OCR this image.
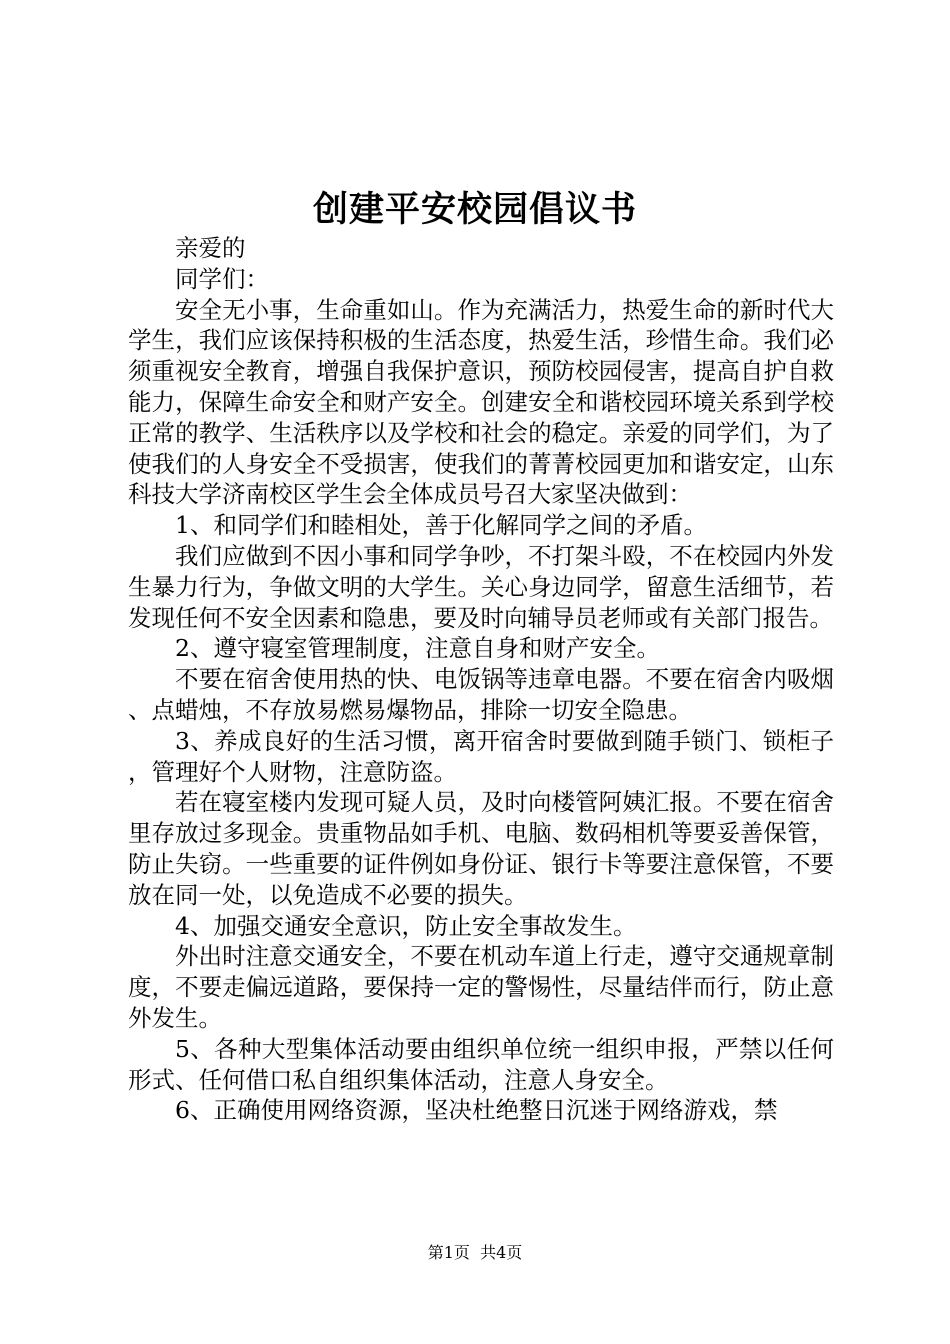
创建平安校园倡议书

亲爱的

同学们：

安全无小事，生命重如山。作为充满活力，热爱生命的新时代大学生，我们应该保持积极的生活态度，热爱生活，珍惜生命。我们必须重视安全教育，增强自我保护意识，预防校园侵害，提高自护自救能力，保障生命安全和财产安全。创建安全和谐校园环境关系到学校正常的教学、生活秩序以及学校和社会的稳定。亲爱的同学们，为了使我们的人身安全不受损害，使我们的菁菁校园更加和谐安定，山东科技大学济南校区学生会全体成员号召大家坚决做到：

1、和同学们和睦相处，善于化解同学之间的矛盾。

我们应做到不因小事和同学争吵，不打架斗殴，不在校园内外发生暴力行为，争做文明的大学生。关心身边同学，留意生活细节，若发现任何不安全因素和隐患，要及时向辅导员老师或有关部门报告。

2、遵守寝室管理制度，注意自身和财产安全。

不要在宿舍使用热的快、电饭锅等违章电器。不要在宿舍内吸烟、点蜡烛，不存放易燃易爆物品，排除一切安全隐患。

3、养成良好的生活习惯，离开宿舍时要做到随手锁门、锁柜子，管理好个人财物，注意防盗。

若在寝室楼内发现可疑人员，及时向楼管阿姨汇报。不要在宿舍里存放过多现金。贵重物品如手机、电脑、数码相机等要妥善保管，防止失窃。一些重要的证件例如身份证、银行卡等要注意保管，不要放在同一处，以免造成不必要的损失。

4、加强交通安全意识，防止安全事故发生。

外出时注意交通安全，不要在机动车道上行走，遵守交通规章制度，不要走偏远道路，要保持一定的警惕性，尽量结伴而行，防止意外发生。

5、各种大型集体活动要由组织单位统一组织申报，严禁以任何形式、任何借口私自组织集体活动，注意人身安全。

6、正确使用网络资源，坚决杜绝整日沉迷于网络游戏，禁

第1页 共4页
